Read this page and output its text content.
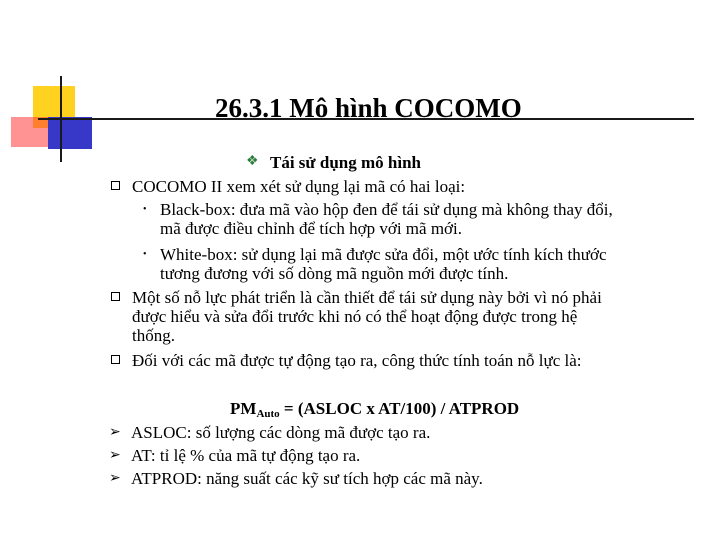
26.3.1 Mô hình COCOMO
❖ Tái sử dụng mô hình
COCOMO II xem xét sử dụng lại mã có hai loại:
• Black-box: đưa mã vào hộp đen để tái sử dụng mà không thay đổi,
mã được điều chỉnh để tích hợp với mã mới.
• White-box: sử dụng lại mã được sửa đổi, một ước tính kích thước
tương đương với số dòng mã nguồn mới được tính.
Một số nỗ lực phát triển là cần thiết để tái sử dụng này bởi vì nó phải
được hiểu và sửa đổi trước khi nó có thể hoạt động được trong hệ
thống.
Đối với các mã được tự động tạo ra, công thức tính toán nỗ lực là:
$PM_{Auto}$ = (ASLOC x AT/100) / ATPROD
➢ ASLOC: số lượng các dòng mã được tạo ra.
➢ AT: tỉ lệ % của mã tự động tạo ra.
➢ ATPROD: năng suất các kỹ sư tích hợp các mã này.
